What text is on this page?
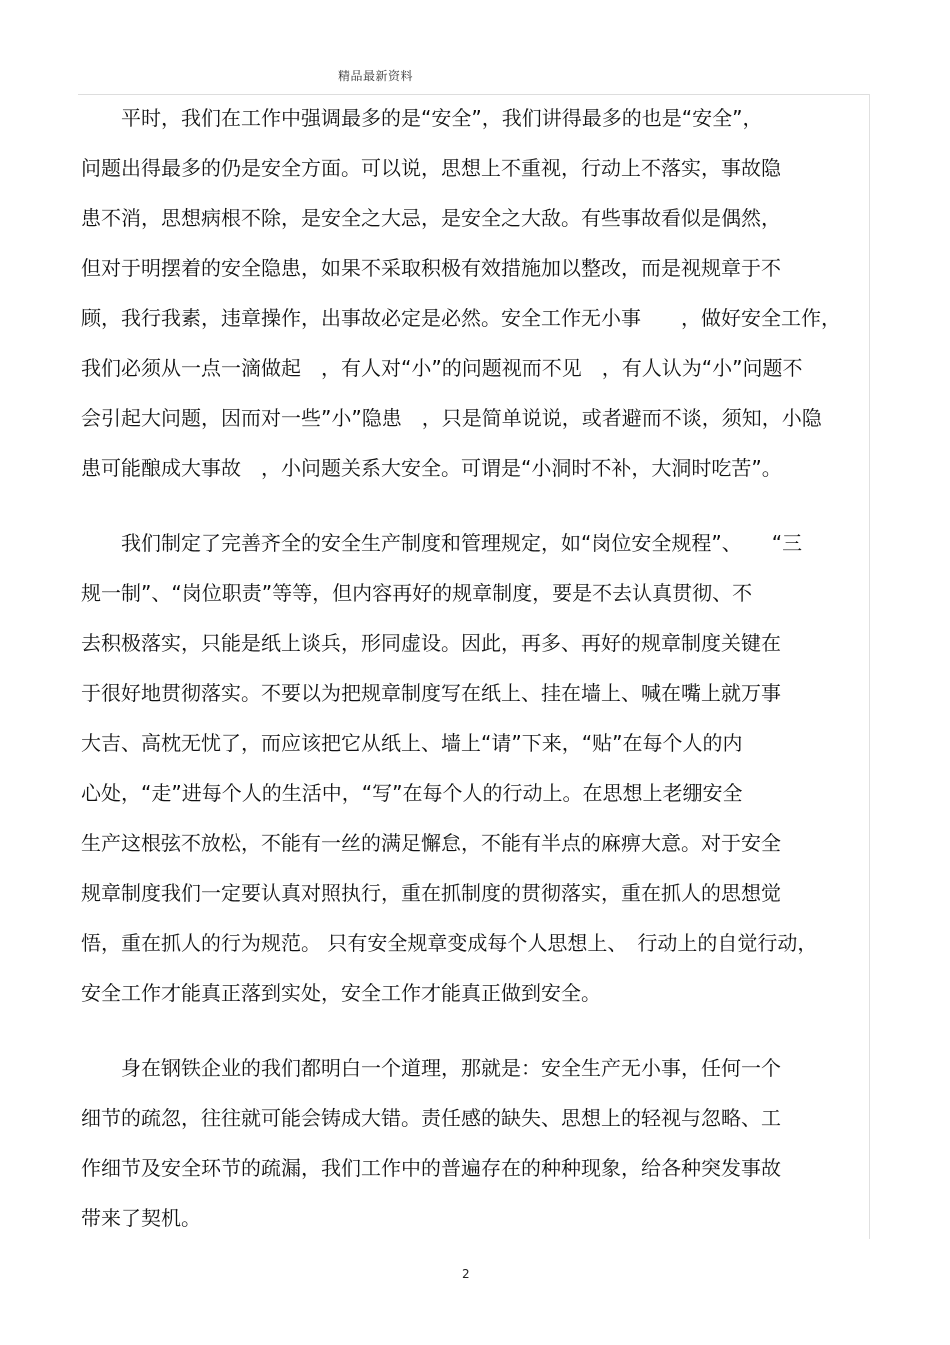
精品最新资料
平时，我们在工作中强调最多的是“安全”，我们讲得最多的也是“安全”，
问题出得最多的仍是安全方面。可以说，思想上不重视，行动上不落实，事故隐
患不消，思想病根不除，是安全之大忌，是安全之大敌。有些事故看似是偶然，
但对于明摆着的安全隐患，如果不采取积极有效措施加以整改，而是视规章于不
顾，我行我素，违章操作，出事故必定是必然。安全工作无小事　　，做好安全工作，
我们必须从一点一滴做起　，有人对“小”的问题视而不见　，有人认为“小”问题不
会引起大问题，因而对一些”小”隐患　，只是简单说说，或者避而不谈，须知，小隐
患可能酿成大事故　，小问题关系大安全。可谓是“小洞时不补，大洞时吃苦”。
我们制定了完善齐全的安全生产制度和管理规定，如“岗位安全规程”、　　“三
规一制”、“岗位职责”等等，但内容再好的规章制度，要是不去认真贯彻、不
去积极落实，只能是纸上谈兵，形同虚设。因此，再多、再好的规章制度关键在
于很好地贯彻落实。不要以为把规章制度写在纸上、挂在墙上、喊在嘴上就万事
大吉、高枕无忧了，而应该把它从纸上、墙上“请”下来，“贴”在每个人的内
心处，“走”进每个人的生活中，“写”在每个人的行动上。在思想上老绷安全
生产这根弦不放松，不能有一丝的满足懈怠，不能有半点的麻痹大意。对于安全
规章制度我们一定要认真对照执行，重在抓制度的贯彻落实，重在抓人的思想觉
悟，重在抓人的行为规范。 只有安全规章变成每个人思想上、　行动上的自觉行动，
安全工作才能真正落到实处，安全工作才能真正做到安全。
身在钢铁企业的我们都明白一个道理，那就是：安全生产无小事，任何一个
细节的疏忽，往往就可能会铸成大错。责任感的缺失、思想上的轻视与忽略、工
作细节及安全环节的疏漏，我们工作中的普遍存在的种种现象，给各种突发事故
带来了契机。
2
